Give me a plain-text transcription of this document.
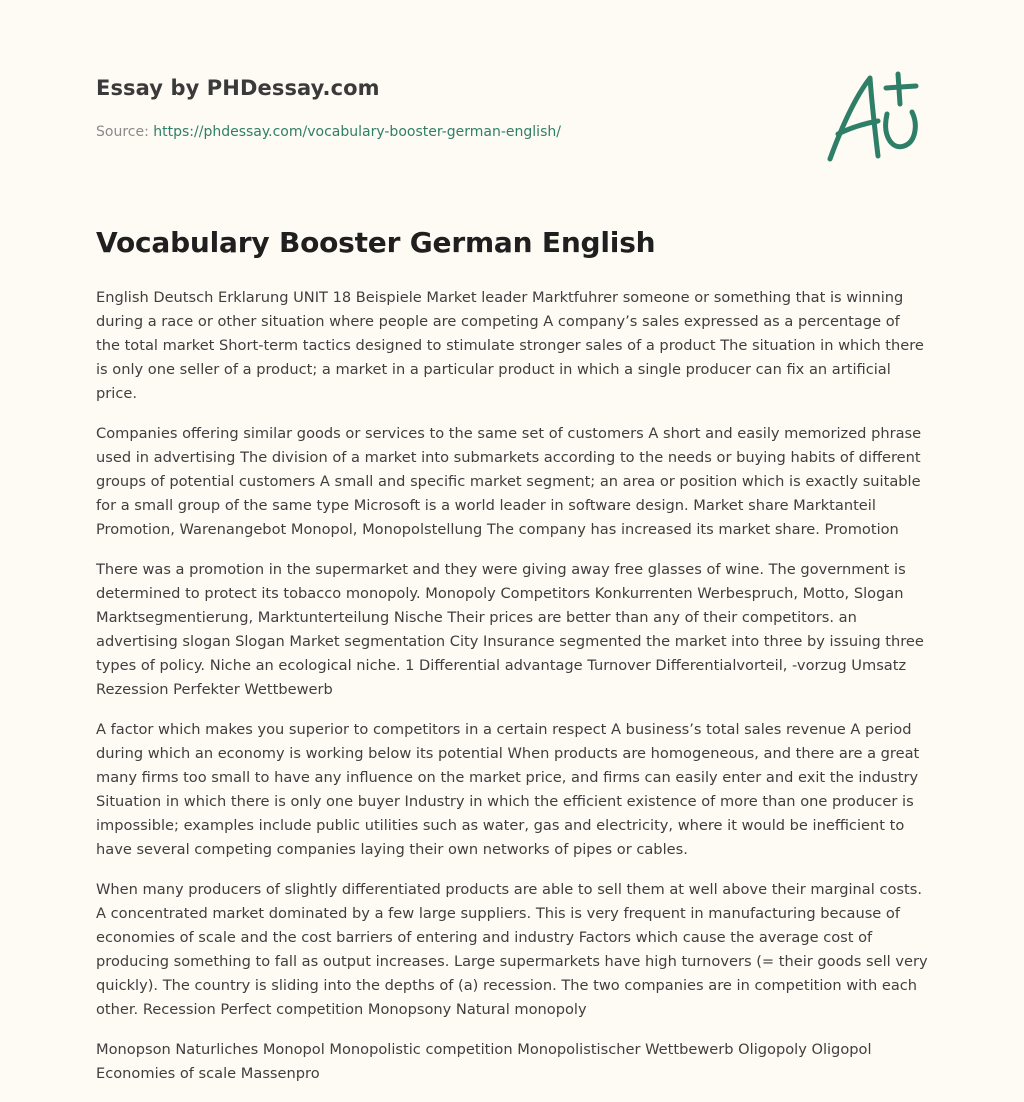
Essay by PHDessay.com
Source: https://phdessay.com/vocabulary-booster-german-english/
Vocabulary Booster German English

English Deutsch Erklarung UNIT 18 Beispiele Market leader Marktfuhrer someone or something that is winning during a race or other situation where people are competing A company’s sales expressed as a percentage of the total market Short-term tactics designed to stimulate stronger sales of a product The situation in which there is only one seller of a product; a market in a particular product in which a single producer can fix an artificial price.

Companies offering similar goods or services to the same set of customers A short and easily memorized phrase used in advertising The division of a market into submarkets according to the needs or buying habits of different groups of potential customers A small and specific market segment; an area or position which is exactly suitable for a small group of the same type Microsoft is a world leader in software design. Market share Marktanteil Promotion, Warenangebot Monopol, Monopolstellung The company has increased its market share. Promotion

There was a promotion in the supermarket and they were giving away free glasses of wine. The government is determined to protect its tobacco monopoly. Monopoly Competitors Konkurrenten Werbespruch, Motto, Slogan Marktsegmentierung, Marktunterteilung Nische Their prices are better than any of their competitors. an advertising slogan Slogan Market segmentation City Insurance segmented the market into three by issuing three types of policy. Niche an ecological niche. 1 Differential advantage Turnover Differentialvorteil, -vorzug Umsatz Rezession Perfekter Wettbewerb

A factor which makes you superior to competitors in a certain respect A business’s total sales revenue A period during which an economy is working below its potential When products are homogeneous, and there are a great many firms too small to have any influence on the market price, and firms can easily enter and exit the industry Situation in which there is only one buyer Industry in which the efficient existence of more than one producer is impossible; examples include public utilities such as water, gas and electricity, where it would be inefficient to have several competing companies laying their own networks of pipes or cables.

When many producers of slightly differentiated products are able to sell them at well above their marginal costs. A concentrated market dominated by a few large suppliers. This is very frequent in manufacturing because of economies of scale and the cost barriers of entering and industry Factors which cause the average cost of producing something to fall as output increases. Large supermarkets have high turnovers (= their goods sell very quickly). The country is sliding into the depths of (a) recession. The two companies are in competition with each other. Recession Perfect competition Monopsony Natural monopoly

Monopson Naturliches Monopol Monopolistic competition Monopolistischer Wettbewerb Oligopoly Oligopol Economies of scale Massenpro
